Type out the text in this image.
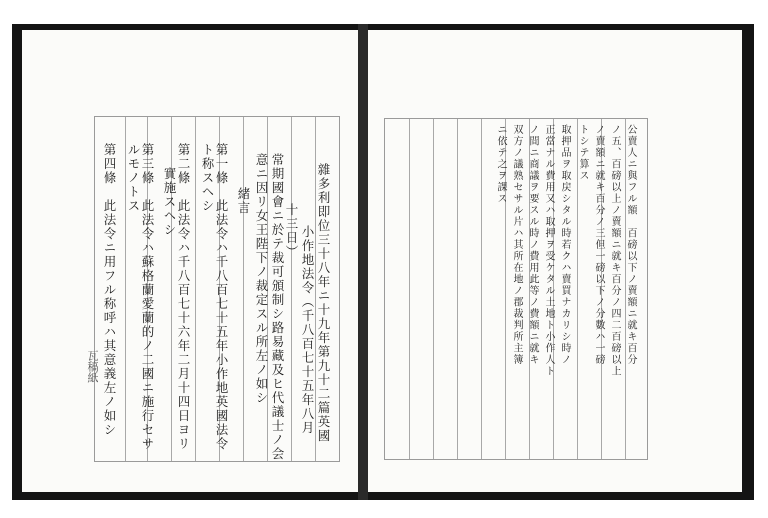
雜多利即位三十八年ニ十九年第九十二篇英國
小作地法令（千八百七十五年八月
十三日）
常期國會ニ於テ裁可頒制シ路易藏及ヒ代議士ノ会
意ニ因リ女王陛下ノ裁定スル所左ノ如シ
緒言
第一條　此法令ハ千八百七十五年小作地英國法令
ト称スヘシ
第二條　此法令ハ千八百七十六年二月十四日ヨリ
實施スヘシ
第三條　此法令ハ蘇格蘭愛蘭的ノ二國ニ施行セサ
ルモノトス
第四條　此法令ニ用フル称呼ハ其意義左ノ如シ
瓦稿紙
公賣人ニ與フル額　百磅以下ノ賣額ニ就キ百分
ノ五、百磅以上ノ賣額ニ就キ百分ノ四二百磅以上
ノ賣額ニ就キ百分ノ三但一磅以下ノ分數ハ一磅
トシテ算ス
取押品ヲ取戻シタル時若クハ賣買ナカリシ時ノ
正當ナル費用又ハ取押ヲ受ケタル土地ト小作人ト
ノ間ニ商議ヲ要スル時ノ費用此等ノ費額ニ就キ
双方ノ議熟セサル片ハ其所在地ノ郡裁判所主簿
ニ依テ之ヲ課ス
